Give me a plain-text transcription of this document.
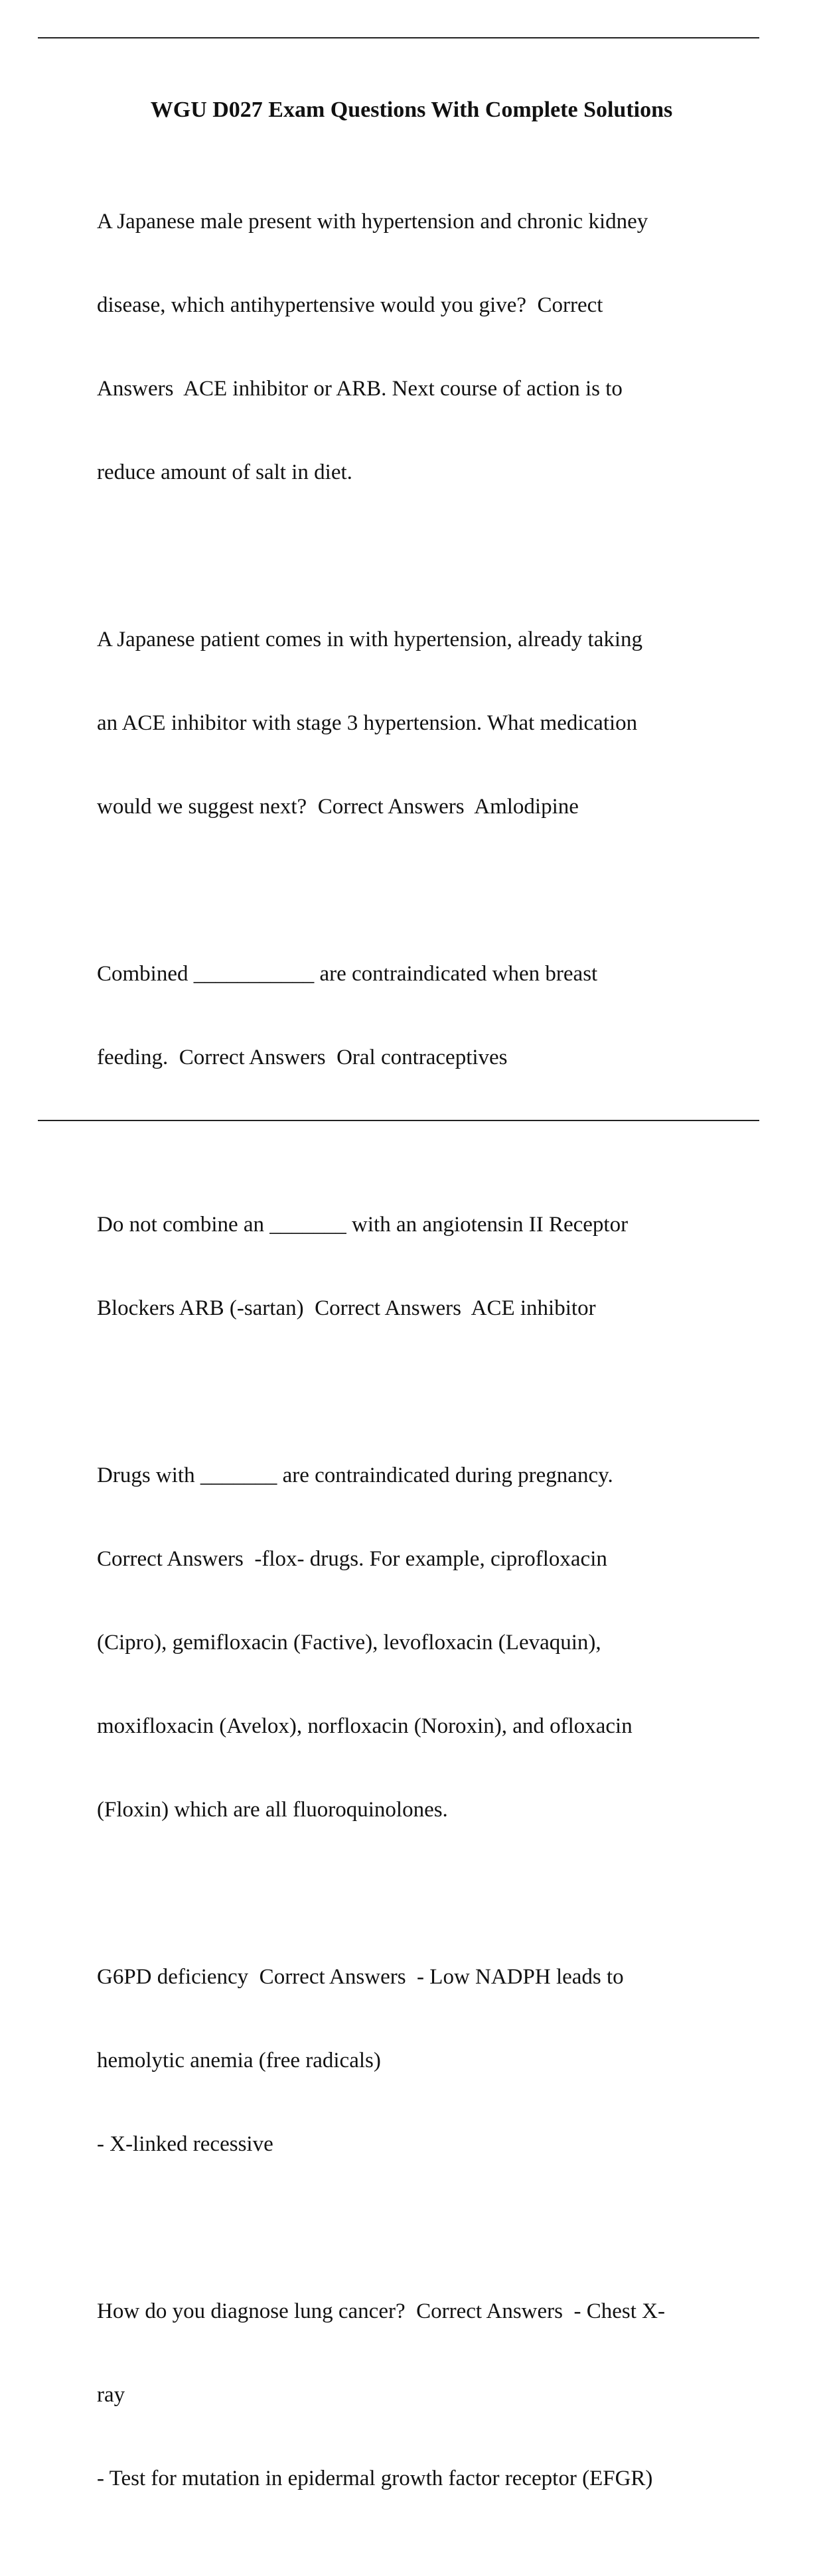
WGU D027 Exam Questions With Complete Solutions

A Japanese male present with hypertension and chronic kidney

disease, which antihypertensive would you give?  Correct

Answers  ACE inhibitor or ARB. Next course of action is to

reduce amount of salt in diet.

A Japanese patient comes in with hypertension, already taking

an ACE inhibitor with stage 3 hypertension. What medication

would we suggest next?  Correct Answers  Amlodipine

Combined ___________ are contraindicated when breast

feeding.  Correct Answers  Oral contraceptives

Do not combine an _______ with an angiotensin II Receptor

Blockers ARB (-sartan)  Correct Answers  ACE inhibitor

Drugs with _______ are contraindicated during pregnancy.

Correct Answers  -flox- drugs. For example, ciprofloxacin

(Cipro), gemifloxacin (Factive), levofloxacin (Levaquin),

moxifloxacin (Avelox), norfloxacin (Noroxin), and ofloxacin

(Floxin) which are all fluoroquinolones.

G6PD deficiency  Correct Answers  - Low NADPH leads to

hemolytic anemia (free radicals)

- X-linked recessive

How do you diagnose lung cancer?  Correct Answers  - Chest X-

ray

- Test for mutation in epidermal growth factor receptor (EFGR)
